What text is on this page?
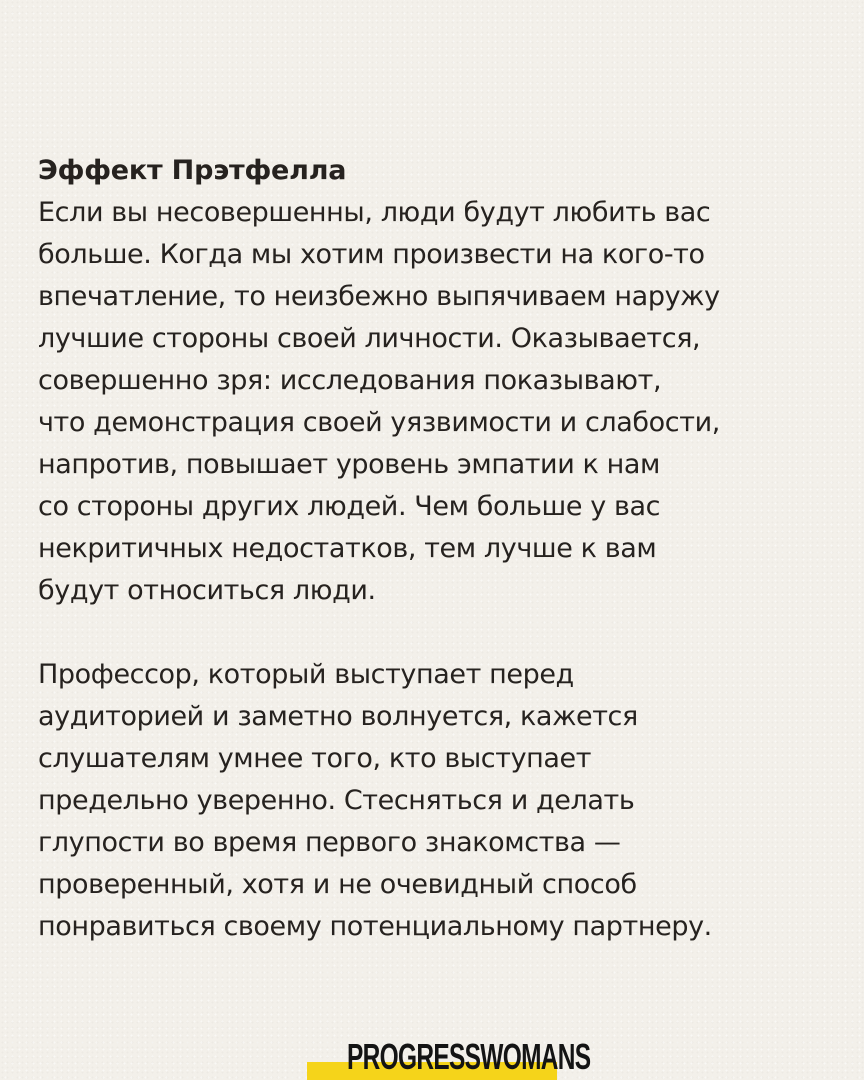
Эффект Прэтфелла

Если вы несовершенны, люди будут любить вас
больше. Когда мы хотим произвести на кого-то
впечатление, то неизбежно выпячиваем наружу
лучшие стороны своей личности. Оказывается,
совершенно зря: исследования показывают,
что демонстрация своей уязвимости и слабости,
напротив, повышает уровень эмпатии к нам
со стороны других людей. Чем больше у вас
некритичных недостатков, тем лучше к вам
будут относиться люди.

Профессор, который выступает перед
аудиторией и заметно волнуется, кажется
слушателям умнее того, кто выступает
предельно уверенно. Стесняться и делать
глупости во время первого знакомства —
проверенный, хотя и не очевидный способ
понравиться своему потенциальному партнеру.

PROGRESSWOMANS
